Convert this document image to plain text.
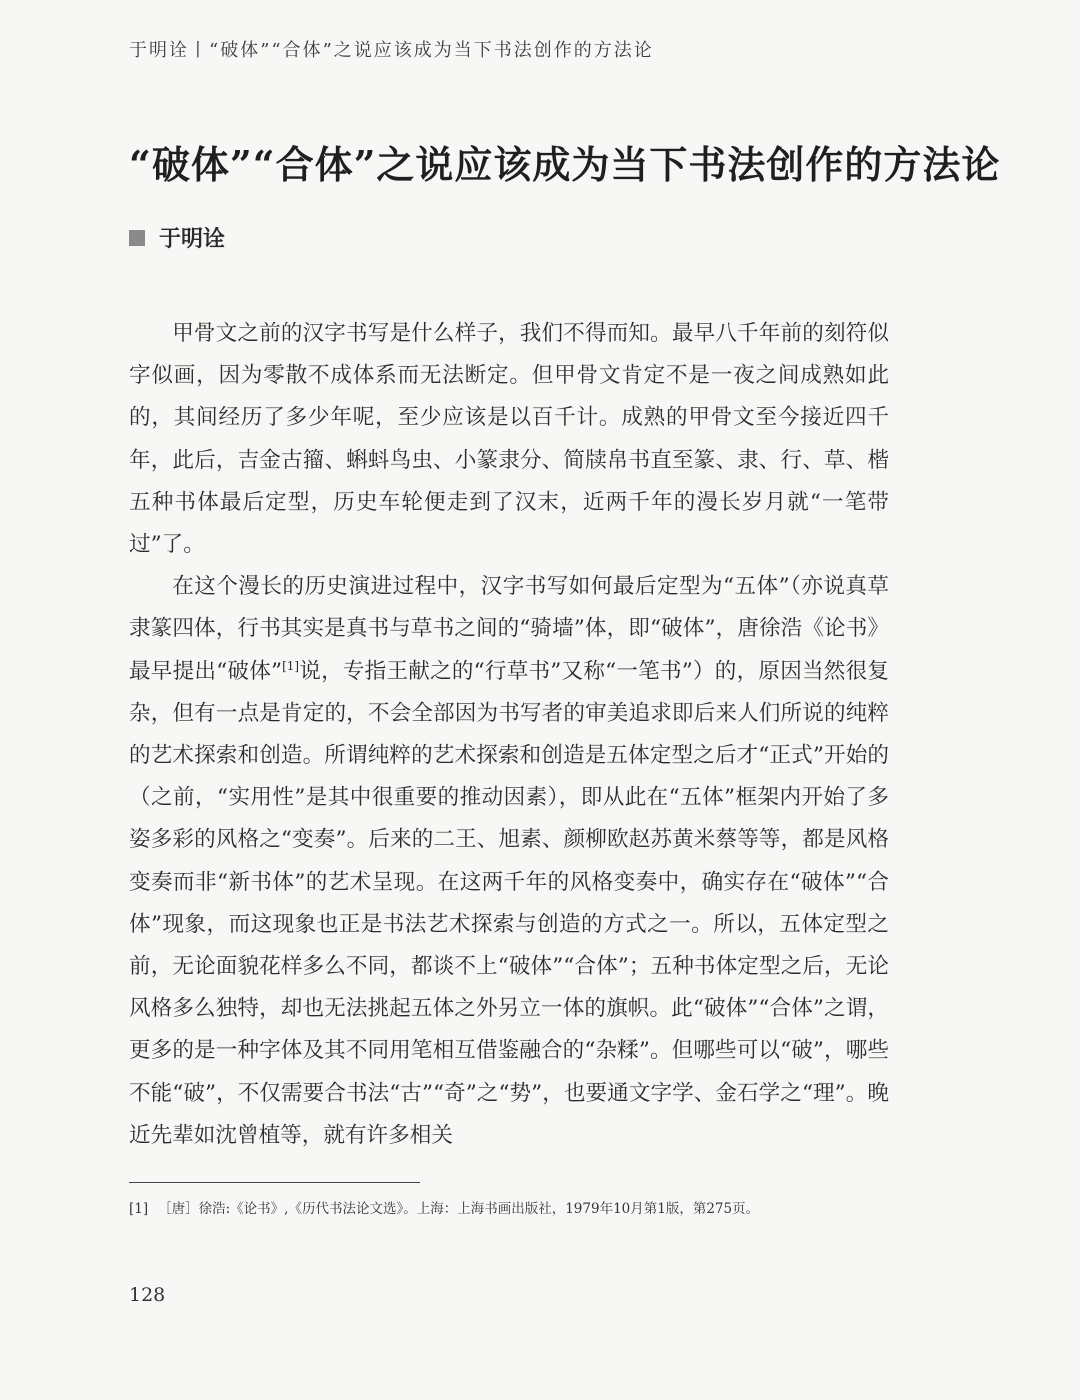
于明诠丨“破体”“合体”之说应该成为当下书法创作的方法论
“破体”“合体”之说应该成为当下书法创作的方法论
于明诠

甲骨文之前的汉字书写是什么样子，我们不得而知。最早八千年前的刻符似字似画，因为零散不成体系而无法断定。但甲骨文肯定不是一夜之间成熟如此的，其间经历了多少年呢，至少应该是以百千计。成熟的甲骨文至今接近四千年，此后，吉金古籀、蝌蚪鸟虫、小篆隶分、简牍帛书直至篆、隶、行、草、楷五种书体最后定型，历史车轮便走到了汉末，近两千年的漫长岁月就“一笔带过”了。

在这个漫长的历史演进过程中，汉字书写如何最后定型为“五体”（亦说真草隶篆四体，行书其实是真书与草书之间的“骑墙”体，即“破体”，唐徐浩《论书》最早提出“破体”[1]说，专指王献之的“行草书”又称“一笔书”）的，原因当然很复杂，但有一点是肯定的，不会全部因为书写者的审美追求即后来人们所说的纯粹的艺术探索和创造。所谓纯粹的艺术探索和创造是五体定型之后才“正式”开始的（之前，“实用性”是其中很重要的推动因素），即从此在“五体”框架内开始了多姿多彩的风格之“变奏”。后来的二王、旭素、颜柳欧赵苏黄米蔡等等，都是风格变奏而非“新书体”的艺术呈现。在这两千年的风格变奏中，确实存在“破体”“合体”现象，而这现象也正是书法艺术探索与创造的方式之一。所以，五体定型之前，无论面貌花样多么不同，都谈不上“破体”“合体”；五种书体定型之后，无论风格多么独特，却也无法挑起五体之外另立一体的旗帜。此“破体”“合体”之谓，更多的是一种字体及其不同用笔相互借鉴融合的“杂糅”。但哪些可以“破”，哪些不能“破”，不仅需要合书法“古”“奇”之“势”，也要通文字学、金石学之“理”。晚近先辈如沈曾植等，就有许多相关

[1] ［唐］徐浩:《论书》,《历代书法论文选》。上海：上海书画出版社，1979年10月第1版，第275页。
128
